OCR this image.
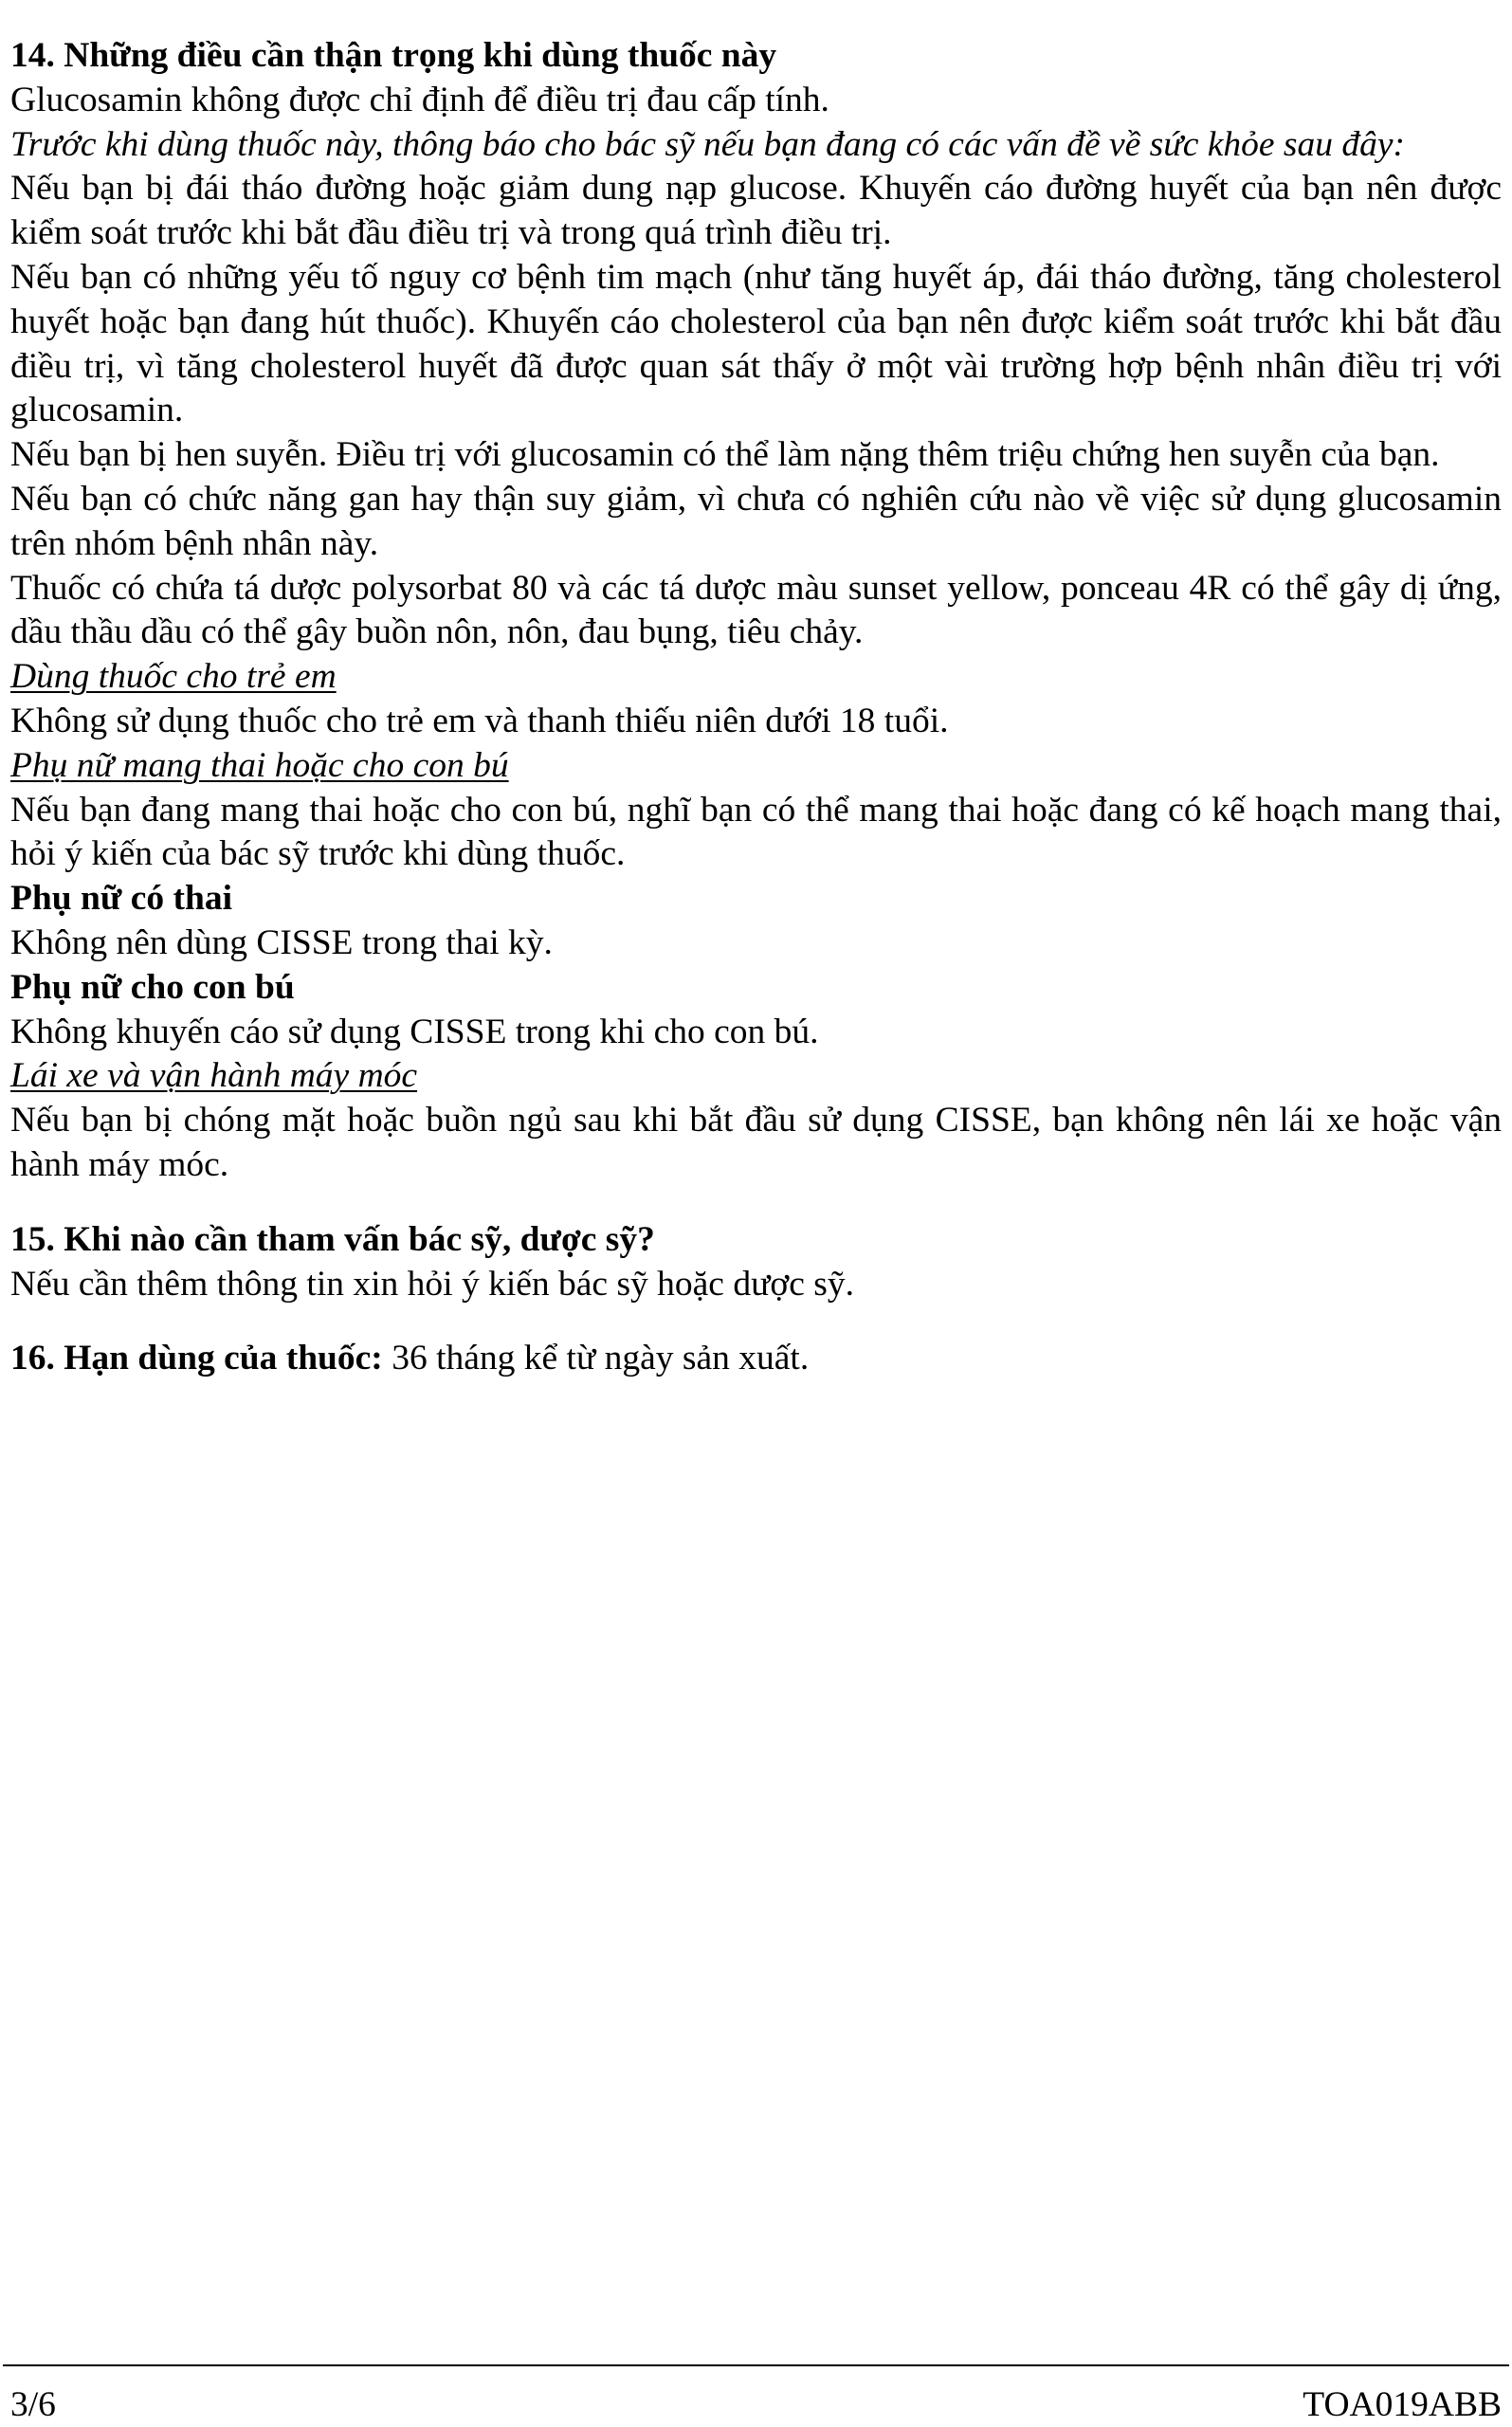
14. Những điều cần thận trọng khi dùng thuốc này

Glucosamin không được chỉ định để điều trị đau cấp tính.

Trước khi dùng thuốc này, thông báo cho bác sỹ nếu bạn đang có các vấn đề về sức khỏe sau đây:

Nếu bạn bị đái tháo đường hoặc giảm dung nạp glucose. Khuyến cáo đường huyết của bạn nên được kiểm soát trước khi bắt đầu điều trị và trong quá trình điều trị.

Nếu bạn có những yếu tố nguy cơ bệnh tim mạch (như tăng huyết áp, đái tháo đường, tăng cholesterol huyết hoặc bạn đang hút thuốc). Khuyến cáo cholesterol của bạn nên được kiểm soát trước khi bắt đầu điều trị, vì tăng cholesterol huyết đã được quan sát thấy ở một vài trường hợp bệnh nhân điều trị với glucosamin.

Nếu bạn bị hen suyễn. Điều trị với glucosamin có thể làm nặng thêm triệu chứng hen suyễn của bạn.

Nếu bạn có chức năng gan hay thận suy giảm, vì chưa có nghiên cứu nào về việc sử dụng glucosamin trên nhóm bệnh nhân này.

Thuốc có chứa tá dược polysorbat 80 và các tá dược màu sunset yellow, ponceau 4R có thể gây dị ứng, dầu thầu dầu có thể gây buồn nôn, nôn, đau bụng, tiêu chảy.

Dùng thuốc cho trẻ em

Không sử dụng thuốc cho trẻ em và thanh thiếu niên dưới 18 tuổi.

Phụ nữ mang thai hoặc cho con bú

Nếu bạn đang mang thai hoặc cho con bú, nghĩ bạn có thể mang thai hoặc đang có kế hoạch mang thai, hỏi ý kiến của bác sỹ trước khi dùng thuốc.

Phụ nữ có thai

Không nên dùng CISSE trong thai kỳ.

Phụ nữ cho con bú

Không khuyến cáo sử dụng CISSE trong khi cho con bú.

Lái xe và vận hành máy móc

Nếu bạn bị chóng mặt hoặc buồn ngủ sau khi bắt đầu sử dụng CISSE, bạn không nên lái xe hoặc vận hành máy móc.

15. Khi nào cần tham vấn bác sỹ, dược sỹ?

Nếu cần thêm thông tin xin hỏi ý kiến bác sỹ hoặc dược sỹ.

16. Hạn dùng của thuốc: 36 tháng kể từ ngày sản xuất.

3/6	TOA019ABB
